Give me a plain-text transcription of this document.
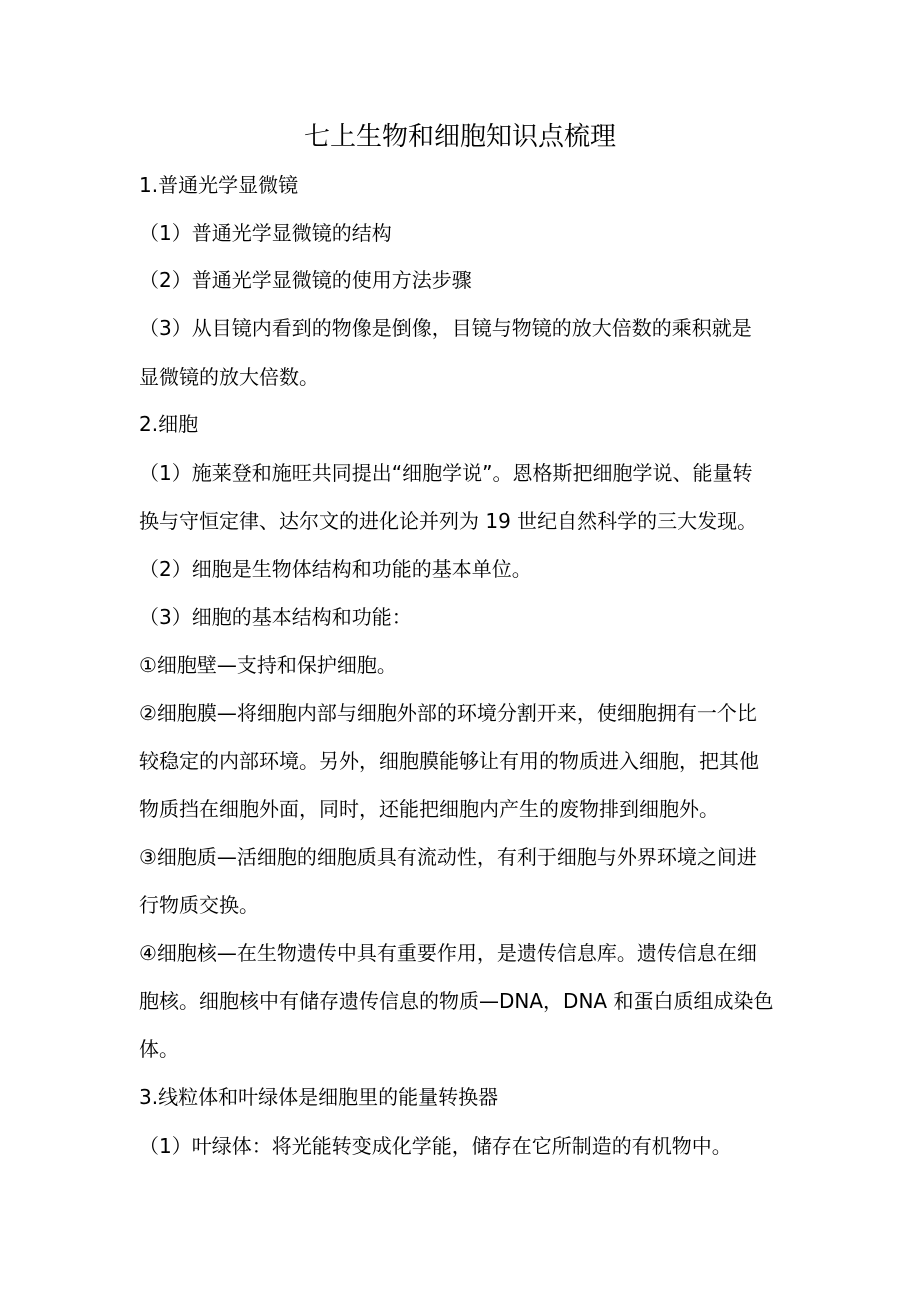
七上生物和细胞知识点梳理
1.普通光学显微镜
（1）普通光学显微镜的结构
（2）普通光学显微镜的使用方法步骤
（3）从目镜内看到的物像是倒像，目镜与物镜的放大倍数的乘积就是
显微镜的放大倍数。
2.细胞
（1）施莱登和施旺共同提出“细胞学说”。恩格斯把细胞学说、能量转
换与守恒定律、达尔文的进化论并列为 19 世纪自然科学的三大发现。
（2）细胞是生物体结构和功能的基本单位。
（3）细胞的基本结构和功能：
①细胞壁—支持和保护细胞。
②细胞膜—将细胞内部与细胞外部的环境分割开来，使细胞拥有一个比
较稳定的内部环境。另外，细胞膜能够让有用的物质进入细胞，把其他
物质挡在细胞外面，同时，还能把细胞内产生的废物排到细胞外。
③细胞质—活细胞的细胞质具有流动性，有利于细胞与外界环境之间进
行物质交换。
④细胞核—在生物遗传中具有重要作用，是遗传信息库。遗传信息在细
胞核。细胞核中有储存遗传信息的物质—DNA，DNA 和蛋白质组成染色
体。
3.线粒体和叶绿体是细胞里的能量转换器
（1）叶绿体：将光能转变成化学能，储存在它所制造的有机物中。
